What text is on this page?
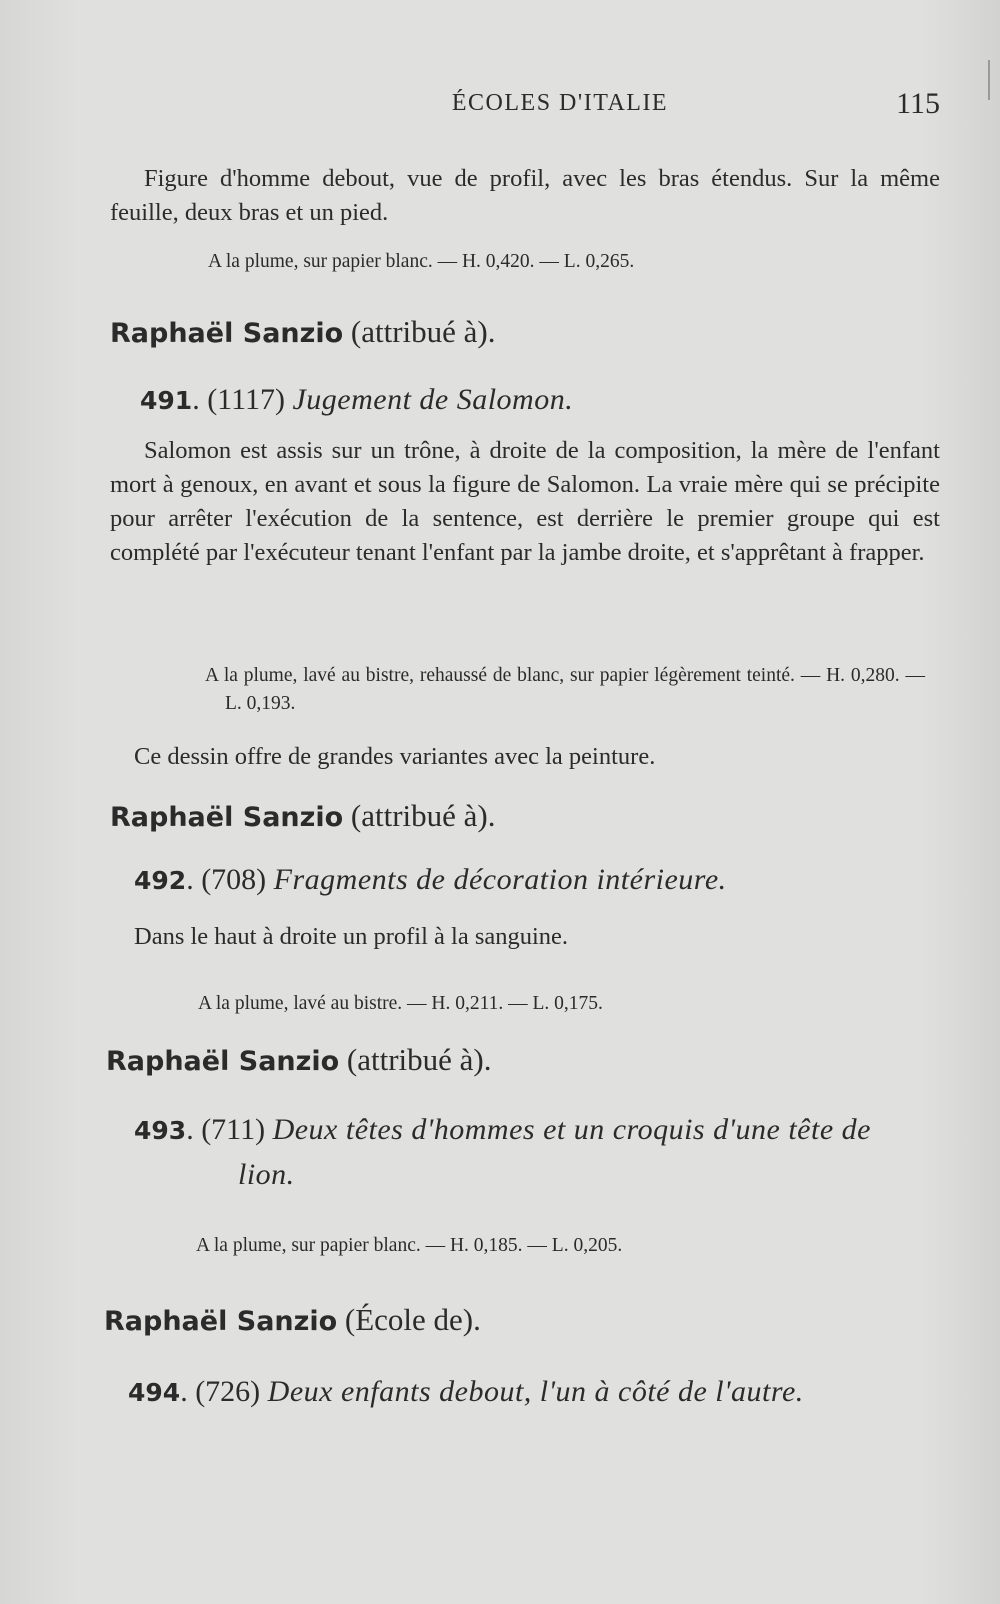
ÉCOLES D'ITALIE	115

Figure d'homme debout, vue de profil, avec les bras étendus. Sur la même feuille, deux bras et un pied.

A la plume, sur papier blanc. — H. 0,420. — L. 0,265.

Raphaël Sanzio (attribué à).

491. (1117) Jugement de Salomon.

Salomon est assis sur un trône, à droite de la composition, la mère de l'enfant mort à genoux, en avant et sous la figure de Salomon. La vraie mère qui se précipite pour arrêter l'exécution de la sentence, est derrière le premier groupe qui est complété par l'exécuteur tenant l'enfant par la jambe droite, et s'apprêtant à frapper.

A la plume, lavé au bistre, rehaussé de blanc, sur papier légèrement teinté. — H. 0,280. — L. 0,193.

Ce dessin offre de grandes variantes avec la peinture.

Raphaël Sanzio (attribué à).

492. (708) Fragments de décoration intérieure.

Dans le haut à droite un profil à la sanguine.

A la plume, lavé au bistre. — H. 0,211. — L. 0,175.

Raphaël Sanzio (attribué à).

493. (711) Deux têtes d'hommes et un croquis d'une tête de lion.

A la plume, sur papier blanc. — H. 0,185. — L. 0,205.

Raphaël Sanzio (École de).

494. (726) Deux enfants debout, l'un à côté de l'autre.
